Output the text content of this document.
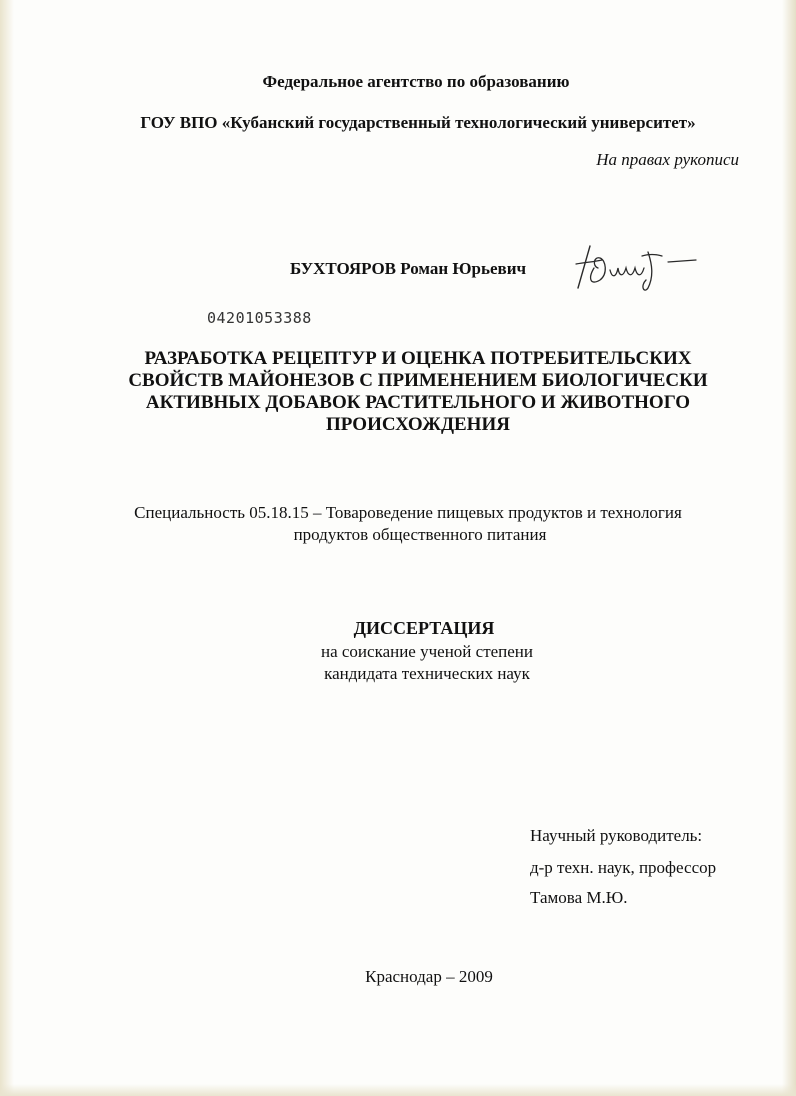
Федеральное агентство по образованию
ГОУ ВПО «Кубанский государственный технологический университет»
На правах рукописи
БУХТОЯРОВ Роман Юрьевич
04201053388
РАЗРАБОТКА РЕЦЕПТУР И ОЦЕНКА ПОТРЕБИТЕЛЬСКИХ
СВОЙСТВ МАЙОНЕЗОВ С ПРИМЕНЕНИЕМ БИОЛОГИЧЕСКИ
АКТИВНЫХ ДОБАВОК РАСТИТЕЛЬНОГО И ЖИВОТНОГО
ПРОИСХОЖДЕНИЯ
Специальность 05.18.15 – Товароведение пищевых продуктов и технология
продуктов общественного питания
ДИССЕРТАЦИЯ
на соискание ученой степени
кандидата технических наук
Научный руководитель:
д-р техн. наук, профессор
Тамова М.Ю.
Краснодар – 2009
